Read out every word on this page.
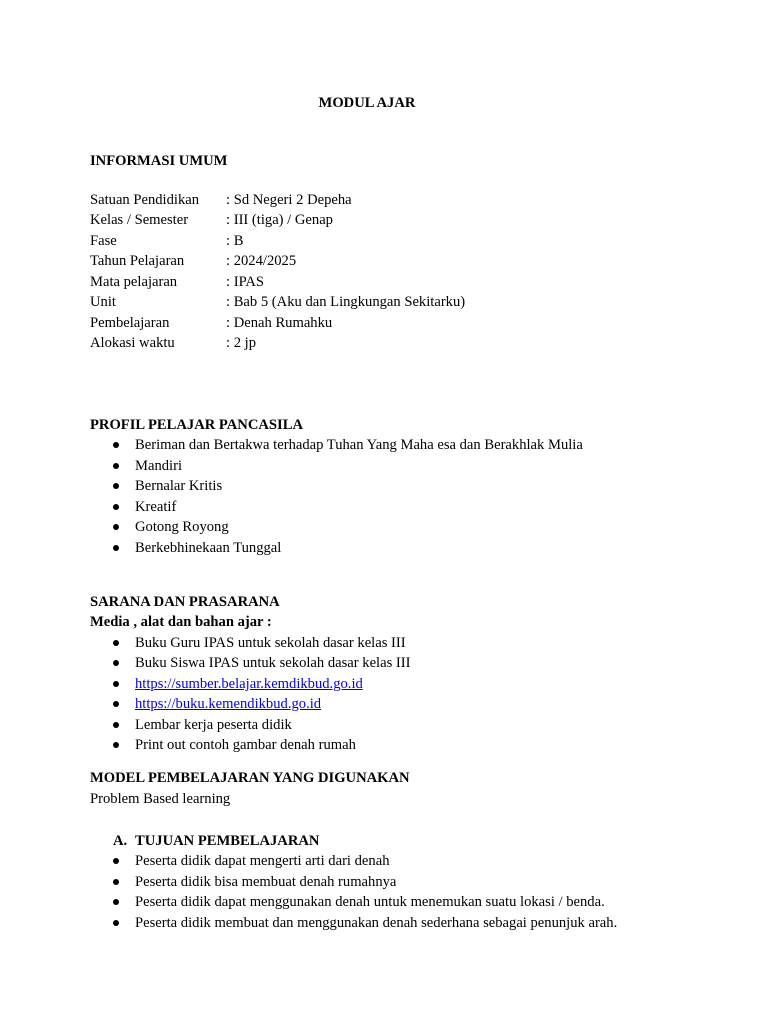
MODUL AJAR
INFORMASI UMUM
Satuan Pendidikan : Sd Negeri 2 Depeha
Kelas / Semester	: III (tiga) / Genap
Fase	: B
Tahun Pelajaran	: 2024/2025
Mata pelajaran	: IPAS
Unit	: Bab 5 (Aku dan Lingkungan Sekitarku)
Pembelajaran	: Denah Rumahku
Alokasi waktu	: 2 jp
PROFIL PELAJAR PANCASILA
Beriman dan Bertakwa terhadap Tuhan Yang Maha esa dan Berakhlak Mulia
Mandiri
Bernalar Kritis
Kreatif
Gotong Royong
Berkebhinekaan Tunggal
SARANA DAN PRASARANA
Media , alat dan bahan ajar :
Buku Guru IPAS untuk sekolah dasar kelas III
Buku Siswa IPAS untuk sekolah dasar kelas III
https://sumber.belajar.kemdikbud.go.id
https://buku.kemendikbud.go.id
Lembar kerja peserta didik
Print out contoh gambar denah rumah
MODEL PEMBELAJARAN YANG DIGUNAKAN
Problem Based learning
A. TUJUAN PEMBELAJARAN
Peserta didik dapat mengerti arti dari denah
Peserta didik bisa membuat denah rumahnya
Peserta didik dapat menggunakan denah untuk menemukan suatu lokasi / benda.
Peserta didik membuat dan menggunakan denah sederhana sebagai penunjuk arah.
